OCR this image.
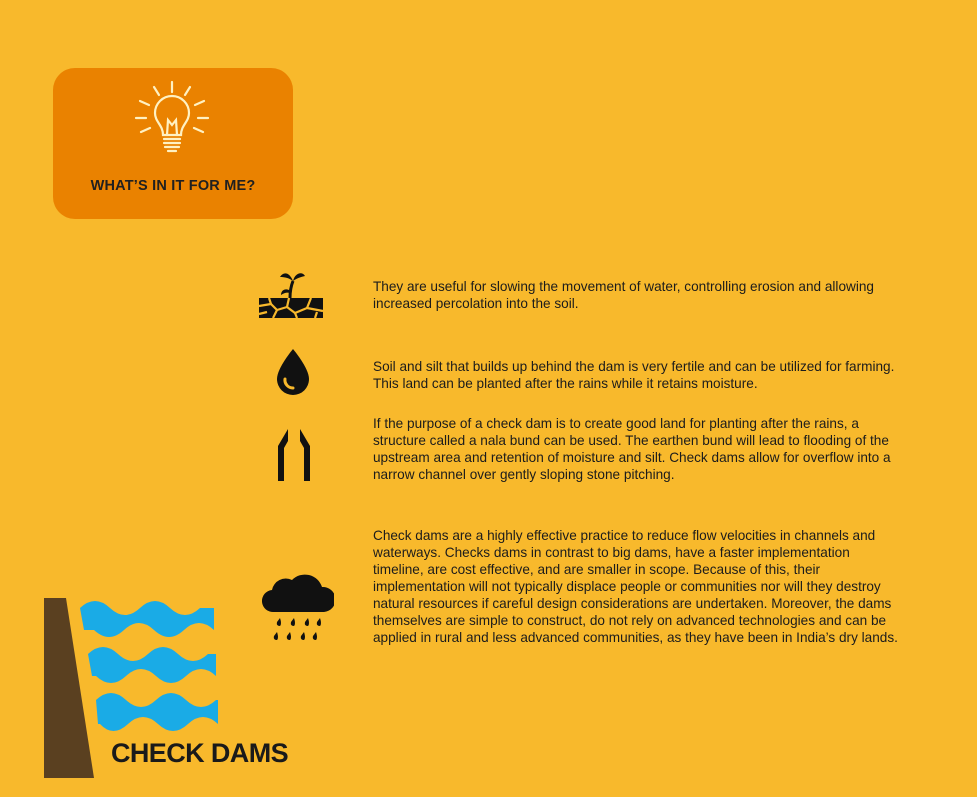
WHAT’S IN IT FOR ME?

They are useful for slowing the movement of water, controlling erosion and allowing increased percolation into the soil.

Soil and silt that builds up behind the dam is very fertile and can be utilized for farming. This land can be planted after the rains while it retains moisture.

If the purpose of a check dam is to create good land for planting after the rains, a structure called a nala bund can be used. The earthen bund will lead to flooding of the upstream area and retention of moisture and silt. Check dams allow for overflow into a narrow channel over gently sloping stone pitching.

Check dams are a highly effective practice to reduce flow velocities in channels and waterways. Checks dams in contrast to big dams, have a faster implementation timeline, are cost effective, and are smaller in scope. Because of this, their implementation will not typically displace people or communities nor will they destroy natural resources if careful design considerations are undertaken. Moreover, the dams themselves are simple to construct, do not rely on advanced technologies and can be applied in rural and less advanced communities, as they have been in India’s dry lands.

CHECK DAMS
